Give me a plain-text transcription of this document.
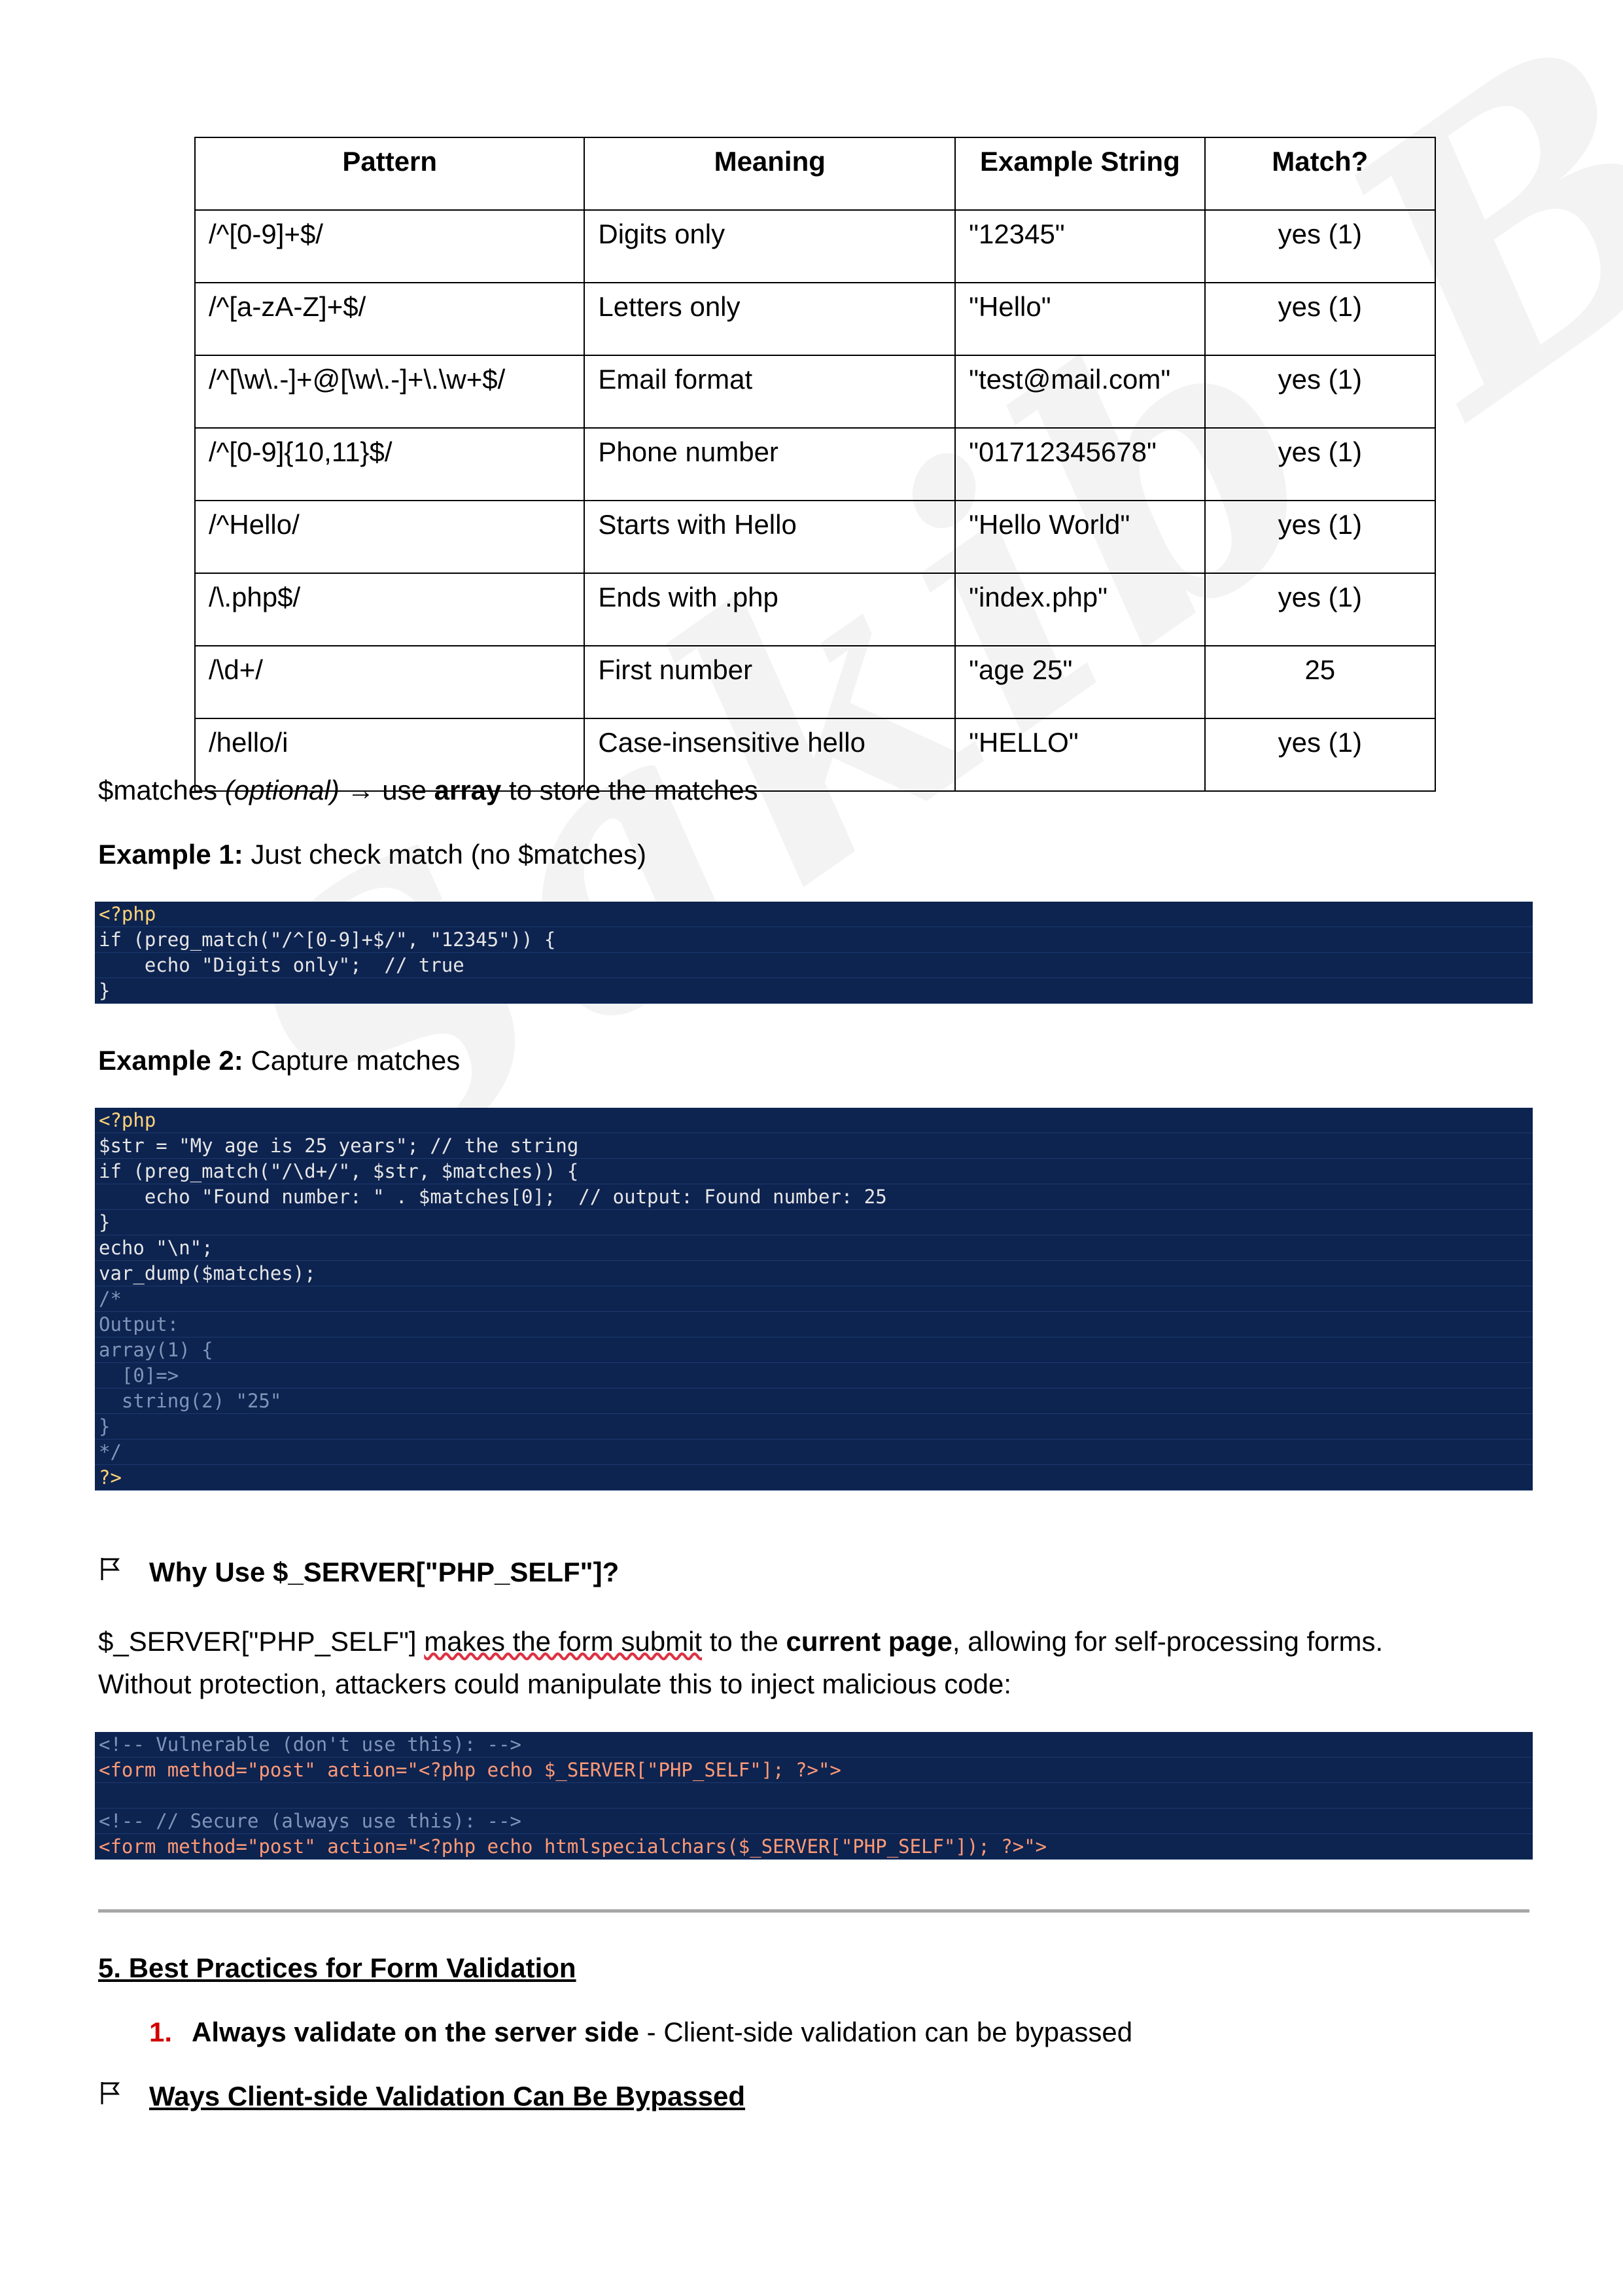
Pattern	Meaning	Example String	Match?
/^[0-9]+$/	Digits only	"12345"	yes (1)
/^[a-zA-Z]+$/	Letters only	"Hello"	yes (1)
/^[\w\.-]+@[\w\.-]+\.\w+$/	Email format	"test@mail.com"	yes (1)
/^[0-9]{10,11}$/	Phone number	"01712345678"	yes (1)
/^Hello/	Starts with Hello	"Hello World"	yes (1)
/\.php$/	Ends with .php	"index.php"	yes (1)
/\d+/	First number	"age 25"	25
/hello/i	Case-insensitive hello	"HELLO"	yes (1)
$matches (optional) → use array to store the matches
Example 1: Just check match (no $matches)
<?php
if (preg_match("/^[0-9]+$/", "12345")) {
echo "Digits only";  // true
}
Example 2: Capture matches
<?php
$str = "My age is 25 years"; // the string
if (preg_match("/\d+/", $str, $matches)) {
echo "Found number: " . $matches[0];  // output: Found number: 25
}
echo "\n";
var_dump($matches);
/*
Output:
array(1) {
[0]=>
string(2) "25"
}
*/
?>
Why Use $_SERVER["PHP_SELF"]?
$_SERVER["PHP_SELF"] makes the form submit to the current page, allowing for self-processing forms.
Without protection, attackers could manipulate this to inject malicious code:
<!-- Vulnerable (don't use this): -->
<form method="post" action="<?php echo $_SERVER["PHP_SELF"]; ?>">
<!-- // Secure (always use this): -->
<form method="post" action="<?php echo htmlspecialchars($_SERVER["PHP_SELF"]); ?>">
5. Best Practices for Form Validation
1. Always validate on the server side - Client-side validation can be bypassed
Ways Client-side Validation Can Be Bypassed
